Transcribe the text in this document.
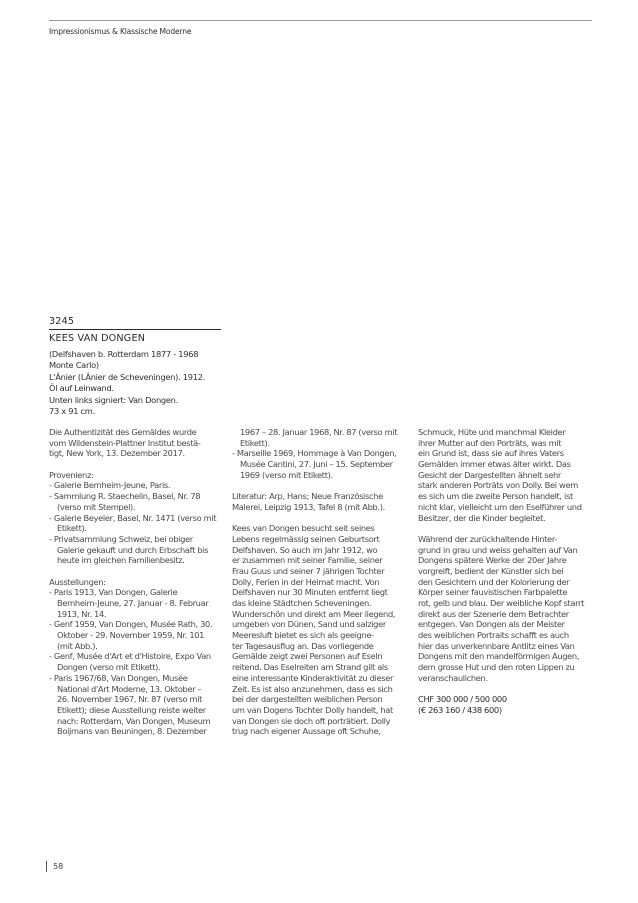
Impressionismus & Klassische Moderne
3245
KEES VAN DONGEN
(Delfshaven b. Rotterdam 1877 - 1968
Monte Carlo)
L'Ânier (LÂnier de Scheveningen). 1912.
Öl auf Leinwand.
Unten links signiert: Van Dongen.
73 x 91 cm.
Die Authentizität des Gemäldes wurde
vom Wildenstein-Plattner Institut bestä-
tigt, New York, 13. Dezember 2017.
Provenienz:
- Galerie Bernheim-Jeune, Paris.
- Sammlung R. Staechelin, Basel, Nr. 78
(verso mit Stempel).
- Galerie Beyeler, Basel, Nr. 1471 (verso mit
Etikett).
- Privatsammlung Schweiz, bei obiger
Galerie gekauft und durch Erbschaft bis
heute im gleichen Familienbesitz.
Ausstellungen:
- Paris 1913, Van Dongen, Galerie
Bernheim-Jeune, 27. Januar - 8. Februar
1913, Nr. 14.
- Genf 1959, Van Dongen, Musée Rath, 30.
Oktober - 29. November 1959, Nr. 101
(mit Abb.).
- Genf, Musée d'Art et d'Histoire, Expo Van
Dongen (verso mit Etikett).
- Paris 1967/68, Van Dongen, Musée
National d'Art Moderne, 13. Oktober –
26. November 1967, Nr. 87 (verso mit
Etikett); diese Ausstellung reiste weiter
nach: Rotterdam, Van Dongen, Museum
Boijmans van Beuningen, 8. Dezember
1967 – 28. Januar 1968, Nr. 87 (verso mit
Etikett).
- Marseille 1969, Hommage à Van Dongen,
Musée Cantini, 27. Juni – 15. September
1969 (verso mit Etikett).
Literatur: Arp, Hans; Neue Französische
Malerei, Leipzig 1913, Tafel 8 (mit Abb.).
Kees van Dongen besucht seit seines
Lebens regelmässig seinen Geburtsort
Delfshaven. So auch im Jahr 1912, wo
er zusammen mit seiner Familie, seiner
Frau Guus und seiner 7 jährigen Tochter
Dolly, Ferien in der Heimat macht. Von
Delfshaven nur 30 Minuten entfernt liegt
das kleine Städtchen Scheveningen.
Wunderschön und direkt am Meer liegend,
umgeben von Dünen, Sand und salziger
Meeresluft bietet es sich als geeigne-
ter Tagesausflug an. Das vorliegende
Gemälde zeigt zwei Personen auf Eseln
reitend. Das Eselreiten am Strand gilt als
eine interessante Kinderaktivität zu dieser
Zeit. Es ist also anzunehmen, dass es sich
bei der dargestellten weiblichen Person
um van Dogens Tochter Dolly handelt, hat
van Dongen sie doch oft porträtiert. Dolly
trug nach eigener Aussage oft Schuhe,
Schmuck, Hüte und manchmal Kleider
ihrer Mutter auf den Porträts, was mit
ein Grund ist, dass sie auf ihres Vaters
Gemälden immer etwas älter wirkt. Das
Gesicht der Dargestellten ähnelt sehr
stark anderen Porträts von Dolly. Bei wem
es sich um die zweite Person handelt, ist
nicht klar, vielleicht um den Eselführer und
Besitzer, der die Kinder begleitet.
Während der zurückhaltende Hinter-
grund in grau und weiss gehalten auf Van
Dongens spätere Werke der 20er Jahre
vorgreift, bedient der Künstler sich bei
den Gesichtern und der Kolorierung der
Körper seiner fauvistischen Farbpalette
rot, gelb und blau. Der weibliche Kopf starrt
direkt aus der Szenerie dem Betrachter
entgegen. Van Dongen als der Meister
des weiblichen Portraits schafft es auch
hier das unverkennbare Antlitz eines Van
Dongens mit den mandelförmigen Augen,
dem grosse Hut und den roten Lippen zu
veranschaulichen.
CHF 300 000 / 500 000
(€ 263 160 / 438 600)
58
